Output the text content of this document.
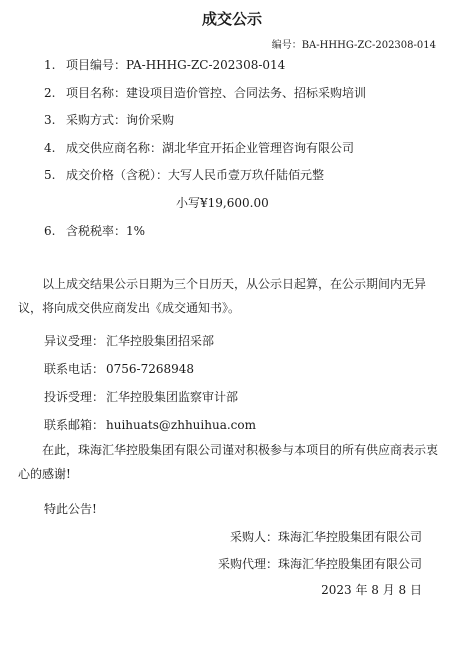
成交公示
编号：BA-HHHG-ZC-202308-014
1. 项目编号：PA-HHHG-ZC-202308-014
2. 项目名称：建设项目造价管控、合同法务、招标采购培训
3. 采购方式：询价采购
4. 成交供应商名称：湖北华宜开拓企业管理咨询有限公司
5. 成交价格（含税）：大写人民币壹万玖仟陆佰元整
小写¥19,600.00
6. 含税税率：1%
以上成交结果公示日期为三个日历天，从公示日起算，在公示期间内无异议，将向成交供应商发出《成交通知书》。
异议受理： 汇华控股集团招采部
联系电话： 0756-7268948
投诉受理： 汇华控股集团监察审计部
联系邮箱： huihuats@zhhuihua.com
在此，珠海汇华控股集团有限公司谨对积极参与本项目的所有供应商表示衷心的感谢!
特此公告!
采购人：珠海汇华控股集团有限公司
采购代理：珠海汇华控股集团有限公司
2023 年 8 月 8 日
